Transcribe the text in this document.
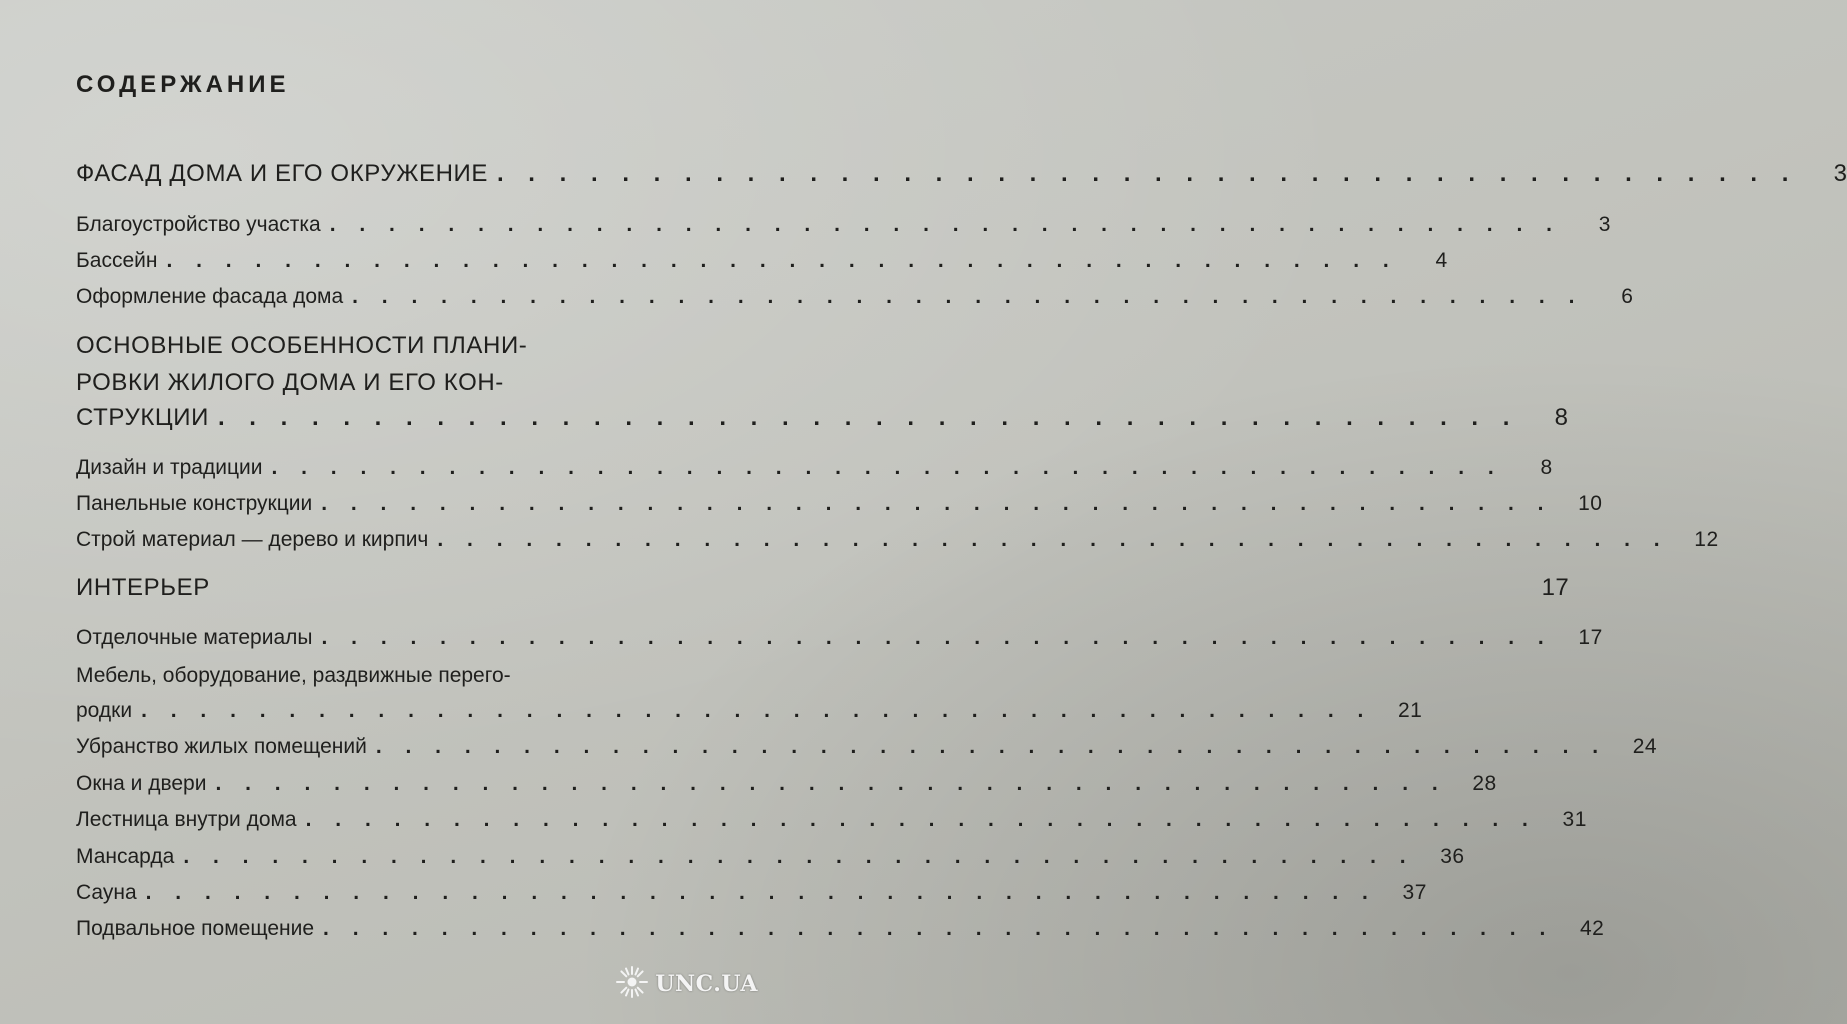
СОДЕРЖАНИЕ
ФАСАД ДОМА И ЕГО ОКРУЖЕНИЕ . . . . . . . . . . . . . . . . . . . . . . . . . . . . . . . . . . . . . . . . . .	3
Благоустройство участка . . . . . . . . . . . . . . . . . . . . . . . . . . . . . . . . . . . . . . . . . .	3
Бассейн . . . . . . . . . . . . . . . . . . . . . . . . . . . . . . . . . . . . . . . . . .	4
Оформление фасада дома . . . . . . . . . . . . . . . . . . . . . . . . . . . . . . . . . . . . . . . . . .	6
ОСНОВНЫЕ ОСОБЕННОСТИ ПЛАНИ-
РОВКИ ЖИЛОГО ДОМА И ЕГО КОН-
СТРУКЦИИ . . . . . . . . . . . . . . . . . . . . . . . . . . . . . . . . . . . . . . . . . .	8
Дизайн и традиции . . . . . . . . . . . . . . . . . . . . . . . . . . . . . . . . . . . . . . . . . .	8
Панельные конструкции . . . . . . . . . . . . . . . . . . . . . . . . . . . . . . . . . . . . . . . . . .	10
Строй материал — дерево и кирпич . . . . . . . . . . . . . . . . . . . . . . . . . . . . . . . . . . . . . . . . . .	12
ИНТЕРЬЕР	17
Отделочные материалы . . . . . . . . . . . . . . . . . . . . . . . . . . . . . . . . . . . . . . . . . .	17
Мебель, оборудование, раздвижные перего-
родки . . . . . . . . . . . . . . . . . . . . . . . . . . . . . . . . . . . . . . . . . .	21
Убранство жилых помещений . . . . . . . . . . . . . . . . . . . . . . . . . . . . . . . . . . . . . . . . . .	24
Окна и двери . . . . . . . . . . . . . . . . . . . . . . . . . . . . . . . . . . . . . . . . . .	28
Лестница внутри дома . . . . . . . . . . . . . . . . . . . . . . . . . . . . . . . . . . . . . . . . . .	31
Мансарда . . . . . . . . . . . . . . . . . . . . . . . . . . . . . . . . . . . . . . . . . .	36
Сауна . . . . . . . . . . . . . . . . . . . . . . . . . . . . . . . . . . . . . . . . . .	37
Подвальное помещение . . . . . . . . . . . . . . . . . . . . . . . . . . . . . . . . . . . . . . . . . .	42
UNC.UA
